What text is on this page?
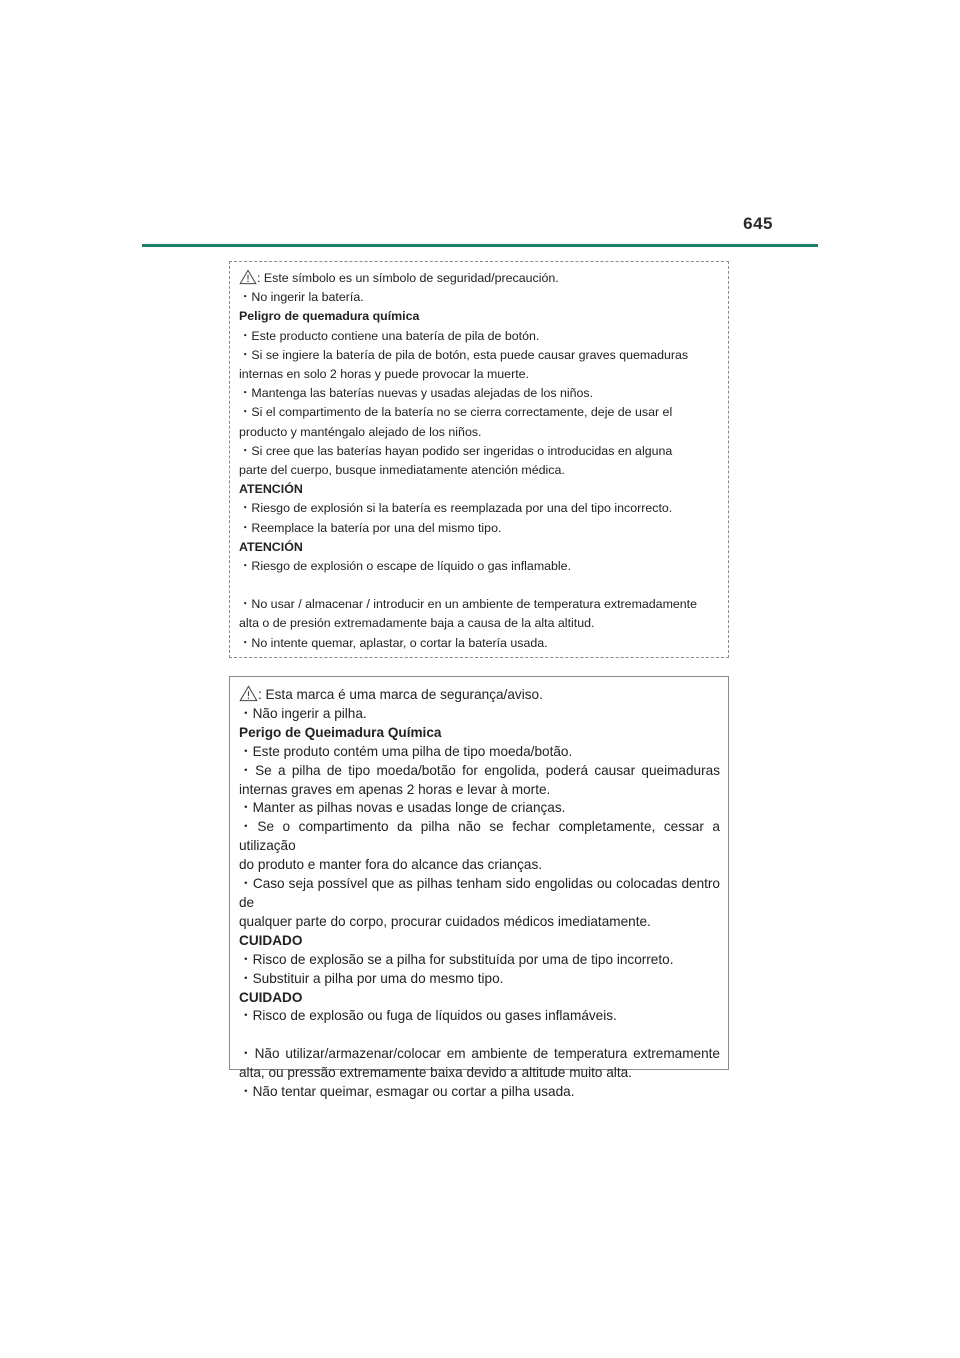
645
: Este símbolo es un símbolo de seguridad/precaución.
・No ingerir la batería.
Peligro de quemadura química
・Este producto contiene una batería de pila de botón.
・Si se ingiere la batería de pila de botón, esta puede causar graves quemaduras
internas en solo 2 horas y puede provocar la muerte.
・Mantenga las baterías nuevas y usadas alejadas de los niños.
・Si el compartimento de la batería no se cierra correctamente, deje de usar el
producto y manténgalo alejado de los niños.
・Si cree que las baterías hayan podido ser ingeridas o introducidas en alguna
parte del cuerpo, busque inmediatamente atención médica.
ATENCIÓN
・Riesgo de explosión si la batería es reemplazada por una del tipo incorrecto.
・Reemplace la batería por una del mismo tipo.
ATENCIÓN
・Riesgo de explosión o escape de líquido o gas inflamable.
・No usar / almacenar / introducir en un ambiente de temperatura extremadamente
alta o de presión extremadamente baja a causa de la alta altitud.
・No intente quemar, aplastar, o cortar la batería usada.
: Esta marca é uma marca de segurança/aviso.
・Não ingerir a pilha.
Perigo de Queimadura Química
・Este produto contém uma pilha de tipo moeda/botão.
・Se a pilha de tipo moeda/botão for engolida, poderá causar queimaduras
internas graves em apenas 2 horas e levar à morte.
・Manter as pilhas novas e usadas longe de crianças.
・Se o compartimento da pilha não se fechar completamente, cessar a utilização
do produto e manter fora do alcance das crianças.
・Caso seja possível que as pilhas tenham sido engolidas ou colocadas dentro de
qualquer parte do corpo, procurar cuidados médicos imediatamente.
CUIDADO
・Risco de explosão se a pilha for substituída por uma de tipo incorreto.
・Substituir a pilha por uma do mesmo tipo.
CUIDADO
・Risco de explosão ou fuga de líquidos ou gases inflamáveis.
・Não utilizar/armazenar/colocar em ambiente de temperatura extremamente
alta, ou pressão extremamente baixa devido a altitude muito alta.
・Não tentar queimar, esmagar ou cortar a pilha usada.
